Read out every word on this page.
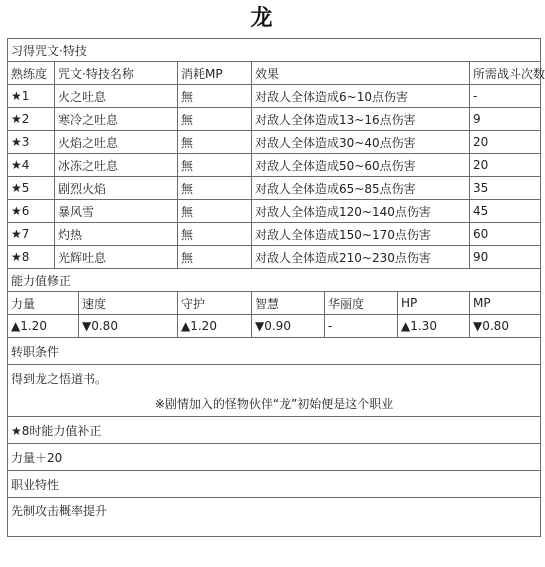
龙
习得咒文·特技							
熟练度	咒文·特技名称		消耗MP	效果			所需战斗次数
★1	火之吐息		無	对敌人全体造成6~10点伤害			-
★2	寒冷之吐息		無	对敌人全体造成13~16点伤害			9
★3	火焰之吐息		無	对敌人全体造成30~40点伤害			20
★4	冰冻之吐息		無	对敌人全体造成50~60点伤害			20
★5	剧烈火焰		無	对敌人全体造成65~85点伤害			35
★6	暴风雪		無	对敌人全体造成120~140点伤害			45
★7	灼热		無	对敌人全体造成150~170点伤害			60
★8	光辉吐息		無	对敌人全体造成210~230点伤害			90
能力值修正							
力量		速度	守护	智慧	华丽度	HP	MP
▲1.20		▼0.80	▲1.20	▼0.90	-	▲1.30	▼0.80
转职条件							

得到龙之悟道书。
※剧情加入的怪物伙伴“龙”初始便是这个职业							

★8时能力值补正							
力量＋20							
职业特性							
先制攻击概率提升							
